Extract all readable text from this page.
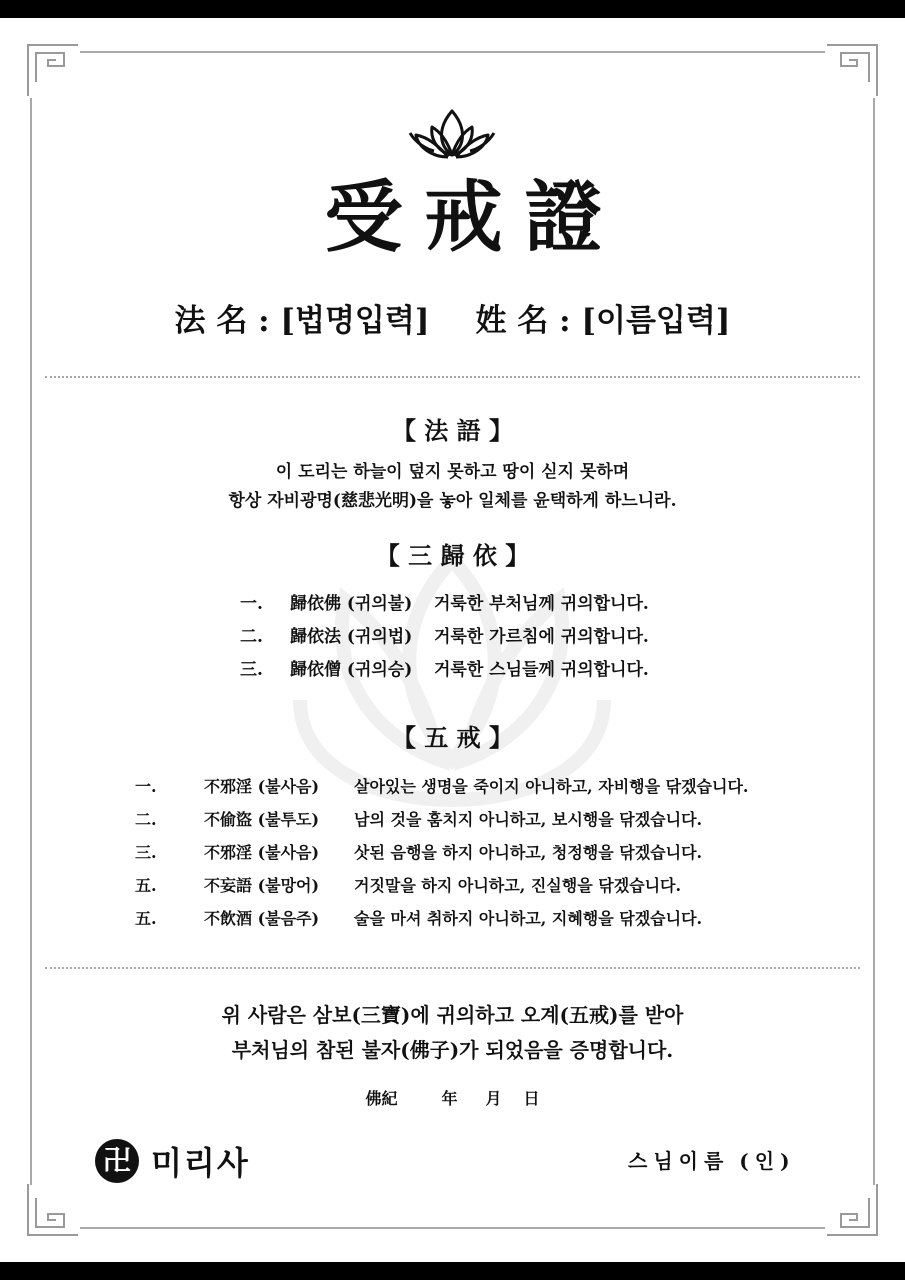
受戒證
法 名 : [법명입력] 姓 名 : [이름입력]
【 法 語 】
이 도리는 하늘이 덮지 못하고 땅이 싣지 못하며
항상 자비광명(慈悲光明)을 놓아 일체를 윤택하게 하느니라.
【 三 歸 依 】
一. 歸依佛 (귀의불) 거룩한 부처님께 귀의합니다.
二. 歸依法 (귀의법) 거룩한 가르침에 귀의합니다.
三. 歸依僧 (귀의승) 거룩한 스님들께 귀의합니다.
【 五 戒 】
一.	不邪淫 (불사음) 살아있는 생명을 죽이지 아니하고, 자비행을 닦겠습니다.
二.	不偷盜 (불투도) 남의 것을 훔치지 아니하고, 보시행을 닦겠습니다.
三.	不邪淫 (불사음) 삿된 음행을 하지 아니하고, 청정행을 닦겠습니다.
五.	不妄語 (불망어) 거짓말을 하지 아니하고, 진실행을 닦겠습니다.
五.	不飲酒 (불음주) 술을 마셔 취하지 아니하고, 지혜행을 닦겠습니다.
위 사람은 삼보(三寶)에 귀의하고 오계(五戒)를 받아
부처님의 참된 불자(佛子)가 되었음을 증명합니다.
佛紀	年 月 日
卍 미리사	스님이름 (인)
